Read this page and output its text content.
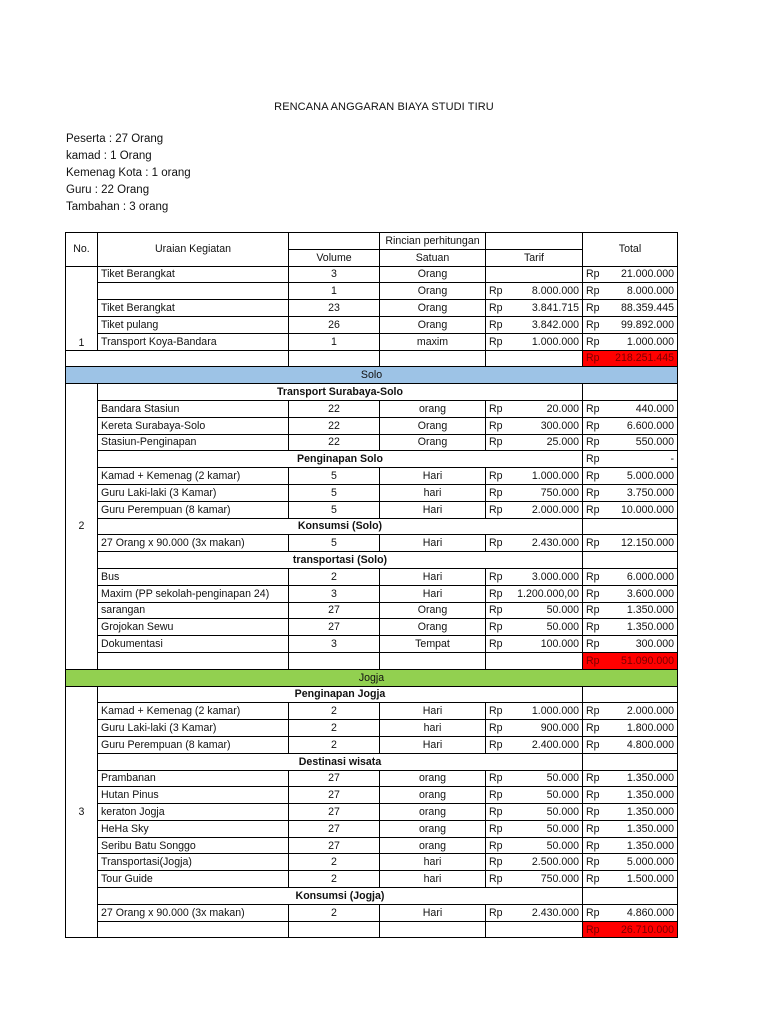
RENCANA ANGGARAN BIAYA STUDI TIRU
Peserta : 27 Orang
kamad : 1 Orang
Kemenag Kota : 1 orang
Guru : 22 Orang
Tambahan : 3 orang
No.	Uraian Kegiatan		Rincian perhitungan		Total
		Volume	Satuan	Tarif	
1	Tiket Berangkat	3	Orang		Rp 21.000.000

		1	Orang	Rp 8.000.000	Rp 8.000.000

	Tiket Berangkat	23	Orang	Rp 3.841.715	Rp 88.359.445

	Tiket pulang	26	Orang	Rp 3.842.000	Rp 99.892.000

	Transport Koya-Bandara	1	maxim	Rp 1.000.000	Rp 1.000.000

					Rp 218.251.445

Solo					
2	Transport Surabaya-Solo				
	Bandara Stasiun	22	orang	Rp 20.000	Rp 440.000

	Kereta Surabaya-Solo	22	Orang	Rp 300.000	Rp 6.600.000

	Stasiun-Penginapan	22	Orang	Rp 25.000	Rp 550.000

	Penginapan Solo				Rp -

	Kamad + Kemenag (2 kamar)	5	Hari	Rp 1.000.000	Rp 5.000.000

	Guru Laki-laki (3 Kamar)	5	hari	Rp 750.000	Rp 3.750.000

	Guru Perempuan (8 kamar)	5	Hari	Rp 2.000.000	Rp 10.000.000

	Konsumsi (Solo)				
	27 Orang x 90.000 (3x makan)	5	Hari	Rp 2.430.000	Rp 12.150.000

	transportasi (Solo)				
	Bus	2	Hari	Rp 3.000.000	Rp 6.000.000

	Maxim (PP sekolah-penginapan 24)	3	Hari	Rp 1.200.000,00	Rp 3.600.000

	sarangan	27	Orang	Rp 50.000	Rp 1.350.000

	Grojokan Sewu	27	Orang	Rp 50.000	Rp 1.350.000

	Dokumentasi	3	Tempat	Rp 100.000	Rp 300.000

					Rp 51.090.000

Jogja					
3	Penginapan Jogja				
	Kamad + Kemenag (2 kamar)	2	Hari	Rp 1.000.000	Rp 2.000.000

	Guru Laki-laki (3 Kamar)	2	hari	Rp 900.000	Rp 1.800.000

	Guru Perempuan (8 kamar)	2	Hari	Rp 2.400.000	Rp 4.800.000

	Destinasi wisata				
	Prambanan	27	orang	Rp 50.000	Rp 1.350.000

	Hutan Pinus	27	orang	Rp 50.000	Rp 1.350.000

	keraton Jogja	27	orang	Rp 50.000	Rp 1.350.000

	HeHa Sky	27	orang	Rp 50.000	Rp 1.350.000

	Seribu Batu Songgo	27	orang	Rp 50.000	Rp 1.350.000

	Transportasi(Jogja)	2	hari	Rp 2.500.000	Rp 5.000.000

	Tour Guide	2	hari	Rp 750.000	Rp 1.500.000

	Konsumsi (Jogja)				
	27 Orang x 90.000 (3x makan)	2	Hari	Rp 2.430.000	Rp 4.860.000

					Rp 26.710.000
